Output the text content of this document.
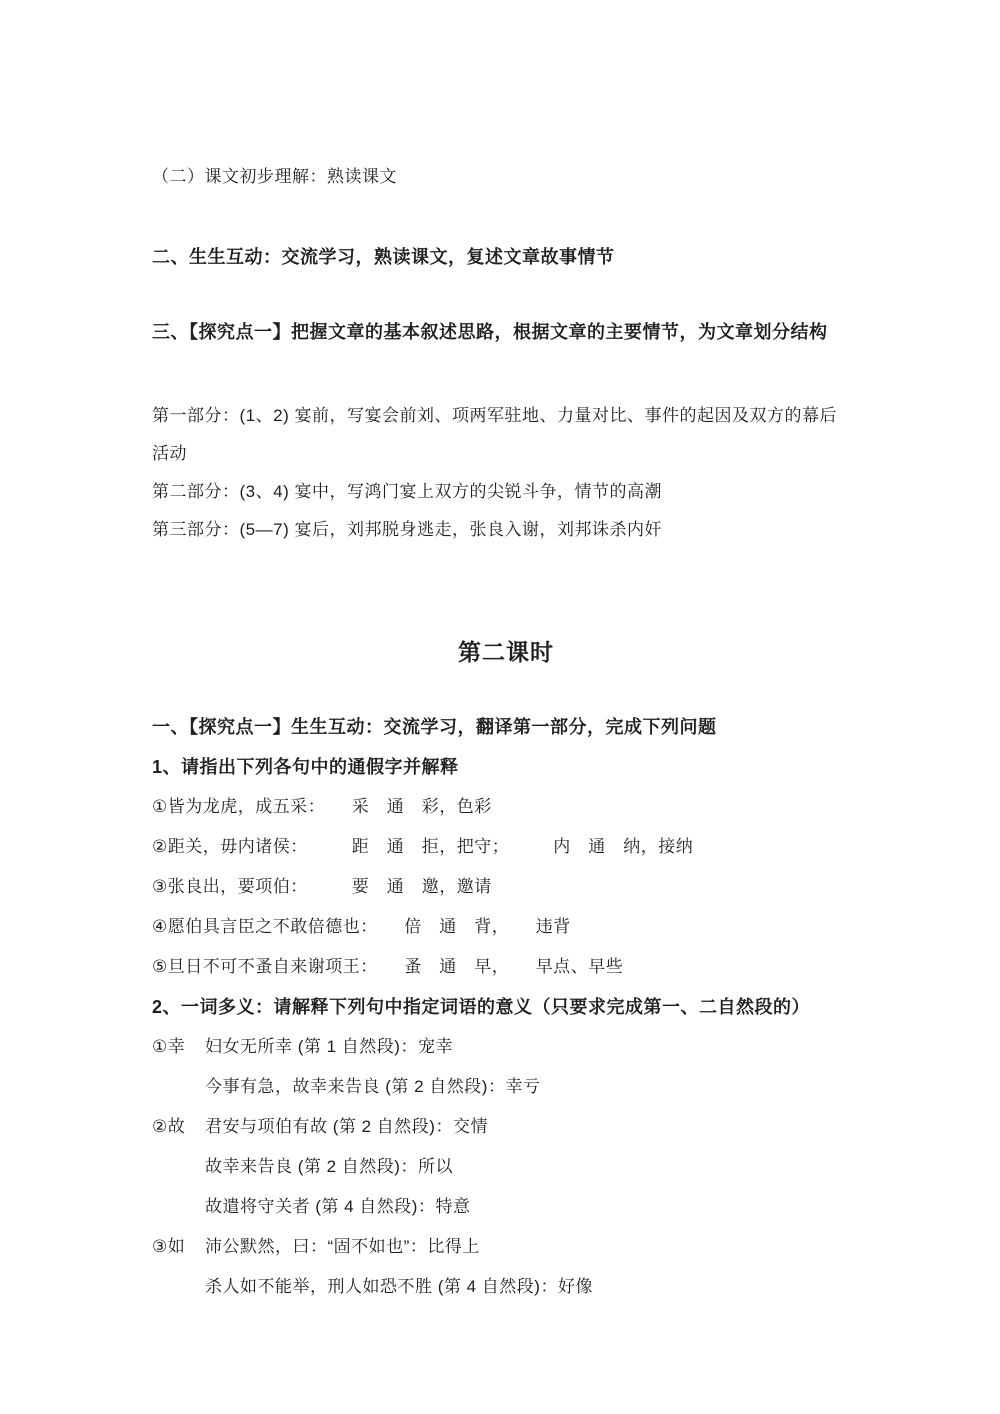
（二）课文初步理解：熟读课文
二、生生互动：交流学习，熟读课文，复述文章故事情节
三、【探究点一】把握文章的基本叙述思路，根据文章的主要情节，为文章划分结构
第一部分：(1、2) 宴前，写宴会前刘、项两军驻地、力量对比、事件的起因及双方的幕后
活动
第二部分：(3、4) 宴中，写鸿门宴上双方的尖锐斗争，情节的高潮
第三部分：(5—7) 宴后，刘邦脱身逃走，张良入谢，刘邦诛杀内奸
第二课时
一、【探究点一】生生互动：交流学习，翻译第一部分，完成下列问题
1、请指出下列各句中的通假字并解释
①皆为龙虎，成五采：　　采　通　彩，色彩
②距关，毋内诸侯：　　　距　通　拒，把守；　　　内　通　纳，接纳
③张良出，要项伯：　　　要　通　邀，邀请
④愿伯具言臣之不敢倍德也：　　倍　通　背，　　违背
⑤旦日不可不蚤自来谢项王：　　蚤　通　早，　　早点、早些
2、一词多义：请解释下列句中指定词语的意义（只要求完成第一、二自然段的）
①幸	妇女无所幸 (第 1 自然段)：宠幸
今事有急，故幸来告良 (第 2 自然段)：幸亏
②故	君安与项伯有故 (第 2 自然段)：交情
故幸来告良 (第 2 自然段)：所以
故遣将守关者 (第 4 自然段)：特意
③如	沛公默然，曰：“固不如也”：比得上
杀人如不能举，刑人如恐不胜 (第 4 自然段)：好像
